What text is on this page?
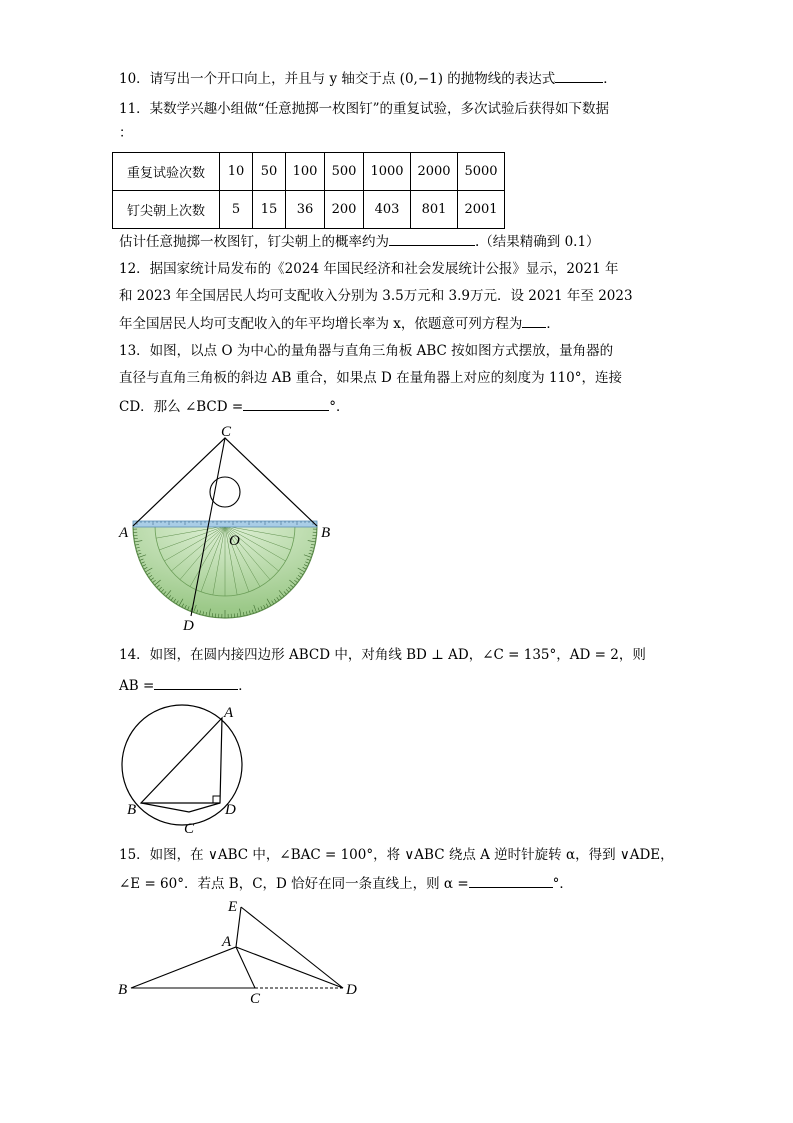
10．请写出一个开口向上，并且与 y 轴交于点 (0,−1) 的抛物线的表达式	．
11．某数学兴趣小组做“任意抛掷一枚图钉”的重复试验，多次试验后获得如下数据
：
重复试验次数	10	50	100	500	1000	2000	5000
钉尖朝上次数	5	15	36	200	403	801	2001
估计任意抛掷一枚图钉，钉尖朝上的概率约为	.（结果精确到 0.1）
12．据国家统计局发布的《2024 年国民经济和社会发展统计公报》显示，2021 年
和 2023 年全国居民人均可支配收入分别为 3.5万元和 3.9万元．设 2021 年至 2023
年全国居民人均可支配收入的年平均增长率为 x，依题意可列方程为 ．
13．如图，以点 O 为中心的量角器与直角三角板 ABC 按如图方式摆放，量角器的
直径与直角三角板的斜边 AB 重合，如果点 D 在量角器上对应的刻度为 110°，连接
CD．那么 ∠BCD =	°．
C
A	B
O
D
14．如图，在圆内接四边形 ABCD 中，对角线 BD ⊥ AD，∠C = 135°，AD = 2，则
AB =	．
A
B	D
C
15．如图，在 ∨ABC 中，∠BAC = 100°，将 ∨ABC 绕点 A 逆时针旋转 α，得到 ∨ADE，
∠E = 60°．若点 B，C，D 恰好在同一条直线上，则 α =	°．
E
A
B
C
D
